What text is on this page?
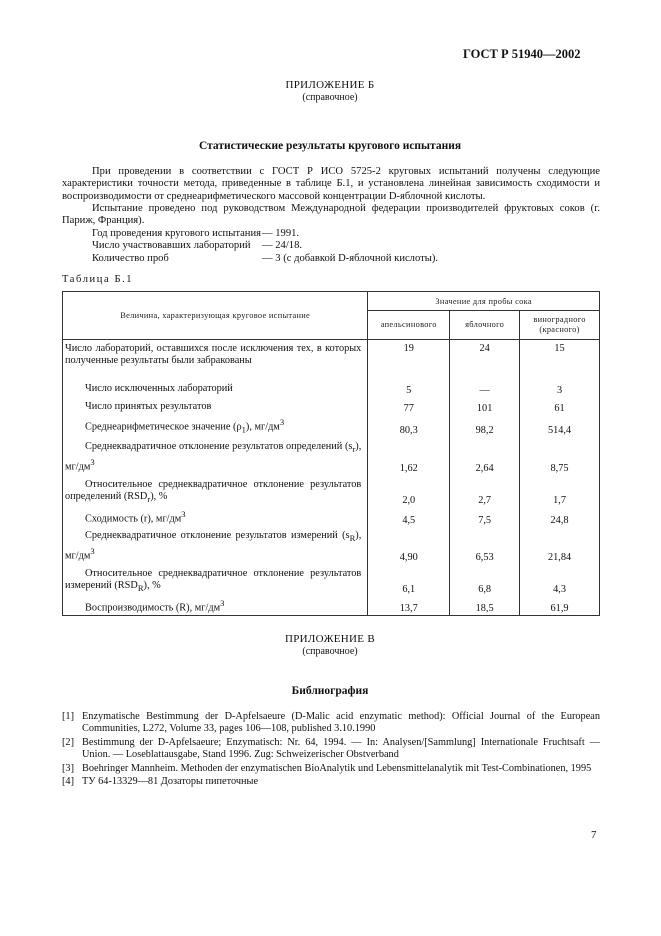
ГОСТ Р 51940—2002
ПРИЛОЖЕНИЕ Б
(справочное)
Статистические результаты кругового испытания
При проведении в соответствии с ГОСТ Р ИСО 5725-2 круговых испытаний получены следующие характеристики точности метода, приведенные в таблице Б.1, и установлена линейная зависимость сходимости и воспроизводимости от среднеарифметического массовой концентрации D-яблочной кислоты.
Испытание проведено под руководством Международной федерации производителей фруктовых соков (г. Париж, Франция).
Год проведения кругового испытания — 1991.
Число участвовавших лабораторий — 24/18.
Количество проб	— 3 (с добавкой D-яблочной кислоты).
Таблица Б.1
Величина, характеризующая круговое испытание	Значение для пробы сока		
	апельсинового	яблочного	виноградного
(красного)
Число лабораторий, оставшихся после исключения тех, в которых полученные результаты были забракованы	19	24	15
Число исключенных лабораторий	5	—	3
Число принятых результатов	77	101	61
Среднеарифметическое значение $(\rho_1)$, $мг/дм^3$	80,3	98,2	514,4
Среднеквадратичное отклонение результатов определений $(s_r)$, $мг/дм^3$	1,62	2,64	8,75
Относительное среднеквадратичное отклонение результатов определений $(RSD_r)$, %	2,0	2,7	1,7
Сходимость (r), $мг/дм^3$	4,5	7,5	24,8
Среднеквадратичное отклонение результатов измерений $(s_R)$, $мг/дм^3$	4,90	6,53	21,84
Относительное среднеквадратичное отклонение результатов измерений $(RSD_R)$, %	6,1	6,8	4,3
Воспроизводимость (R), $мг/дм^3$	13,7	18,5	61,9
ПРИЛОЖЕНИЕ В
(справочное)
Библиография
[1] Enzymatische Bestimmung der D-Apfelsaeure (D-Malic acid enzymatic method): Official Journal of the European Communities, L272, Volume 33, pages 106—108, published 3.10.1990
[2] Bestimmung der D-Apfelsaeure; Enzymatisch: Nr. 64, 1994. — In: Analysen/[Sammlung] Internationale Fruchtsaft — Union. — Loseblattausgabe, Stand 1996. Zug: Schweizerischer Obstverband
[3] Boehringer Mannheim. Methoden der enzymatischen BioAnalytik und Lebensmittelanalytik mit Test-Combinationen, 1995
[4] ТУ 64-13329—81 Дозаторы пипеточные
7
